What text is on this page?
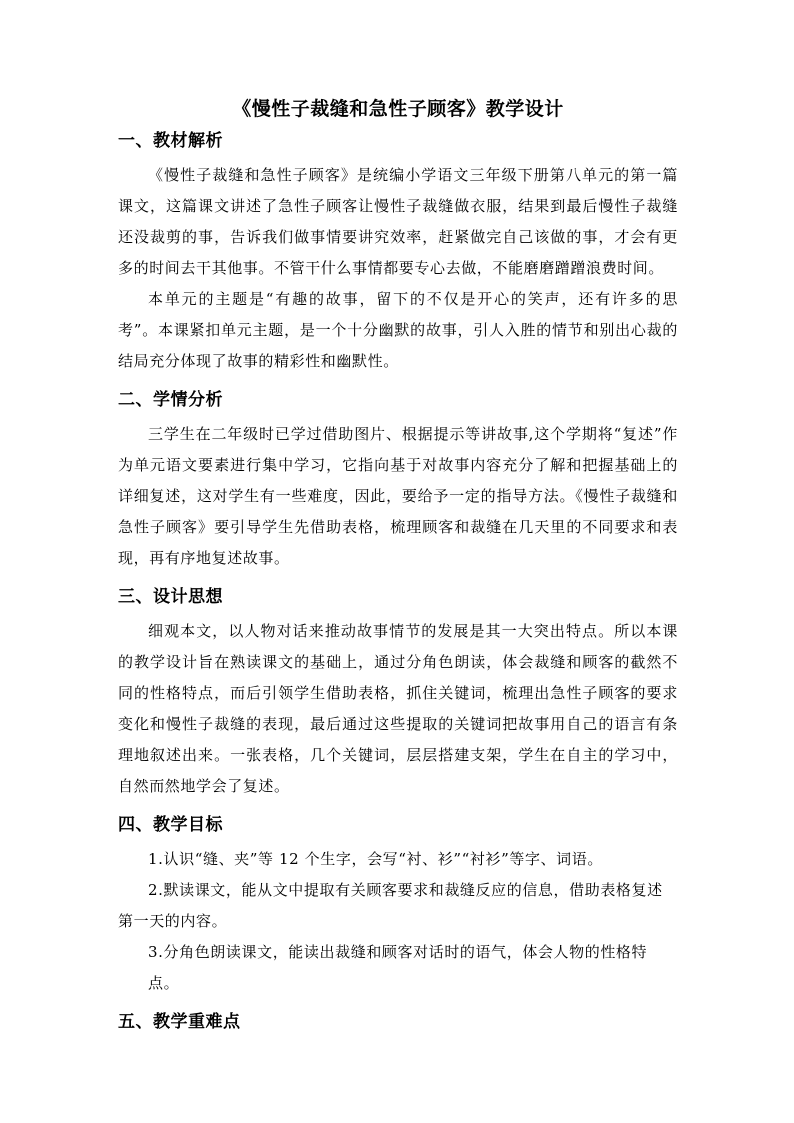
《慢性子裁缝和急性子顾客》教学设计
一、教材解析

《慢性子裁缝和急性子顾客》是统编小学语文三年级下册第八单元的第一篇课文，这篇课文讲述了急性子顾客让慢性子裁缝做衣服，结果到最后慢性子裁缝还没裁剪的事，告诉我们做事情要讲究效率，赶紧做完自己该做的事，才会有更多的时间去干其他事。不管干什么事情都要专心去做，不能磨磨蹭蹭浪费时间。

本单元的主题是“有趣的故事，留下的不仅是开心的笑声，还有许多的思考”。本课紧扣单元主题，是一个十分幽默的故事，引人入胜的情节和别出心裁的结局充分体现了故事的精彩性和幽默性。

二、学情分析

三学生在二年级时已学过借助图片、根据提示等讲故事,这个学期将“复述”作为单元语文要素进行集中学习，它指向基于对故事内容充分了解和把握基础上的详细复述，这对学生有一些难度，因此，要给予一定的指导方法。《慢性子裁缝和急性子顾客》要引导学生先借助表格，梳理顾客和裁缝在几天里的不同要求和表现，再有序地复述故事。

三、设计思想

细观本文，以人物对话来推动故事情节的发展是其一大突出特点。所以本课的教学设计旨在熟读课文的基础上，通过分角色朗读，体会裁缝和顾客的截然不同的性格特点，而后引领学生借助表格，抓住关键词，梳理出急性子顾客的要求变化和慢性子裁缝的表现，最后通过这些提取的关键词把故事用自己的语言有条理地叙述出来。一张表格，几个关键词，层层搭建支架，学生在自主的学习中，自然而然地学会了复述。

四、教学目标
1.认识“缝、夹”等 12 个生字，会写“衬、衫”“衬衫”等字、词语。
2.默读课文，能从文中提取有关顾客要求和裁缝反应的信息，借助表格复述
第一天的内容。
3.分角色朗读课文，能读出裁缝和顾客对话时的语气，体会人物的性格特
点。
五、教学重难点
